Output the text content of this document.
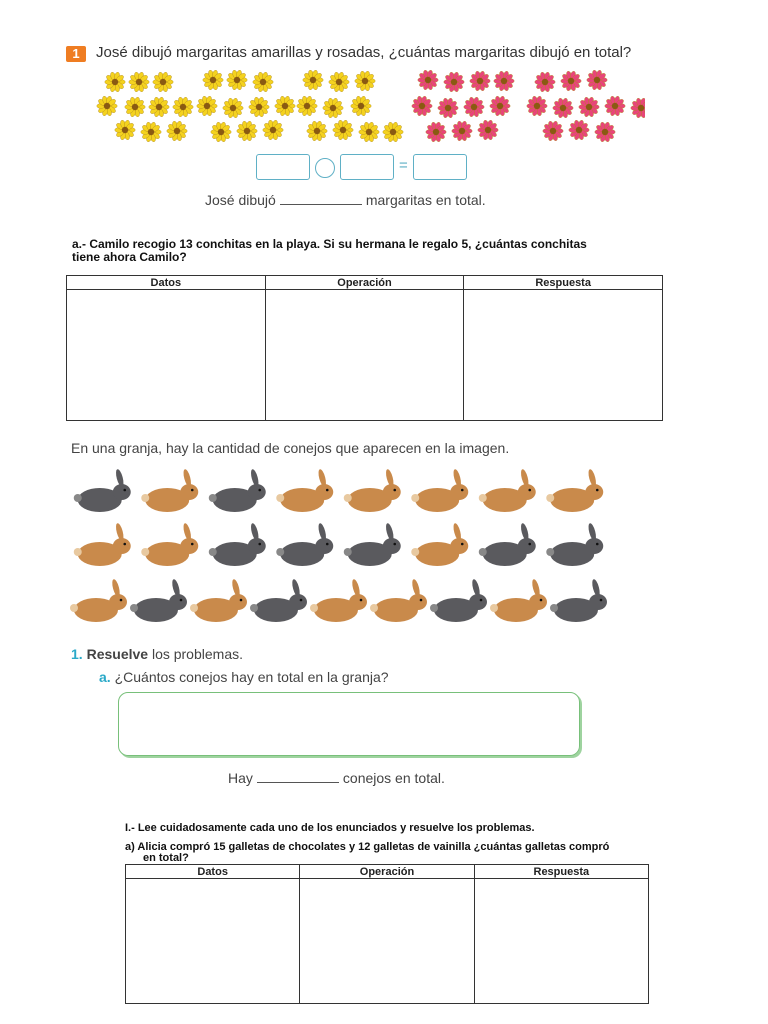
1	José dibujó margaritas amarillas y rosadas, ¿cuántas margaritas dibujó en total?
=
José dibujó	margaritas en total.
a.- Camilo recogio 13 conchitas en la playa. Si su hermana le regalo 5, ¿cuántas conchitas
tiene ahora Camilo?
Datos	Operación	Respuesta

En una granja, hay la cantidad de conejos que aparecen en la imagen.
1. Resuelve los problemas.
a. ¿Cuántos conejos hay en total en la granja?
Hay	conejos en total.
I.- Lee cuidadosamente cada uno de los enunciados y resuelve los problemas.
a) Alicia compró 15 galletas de chocolates y 12 galletas de vainilla ¿cuántas galletas compró
en total?
Datos	Operación	Respuesta
